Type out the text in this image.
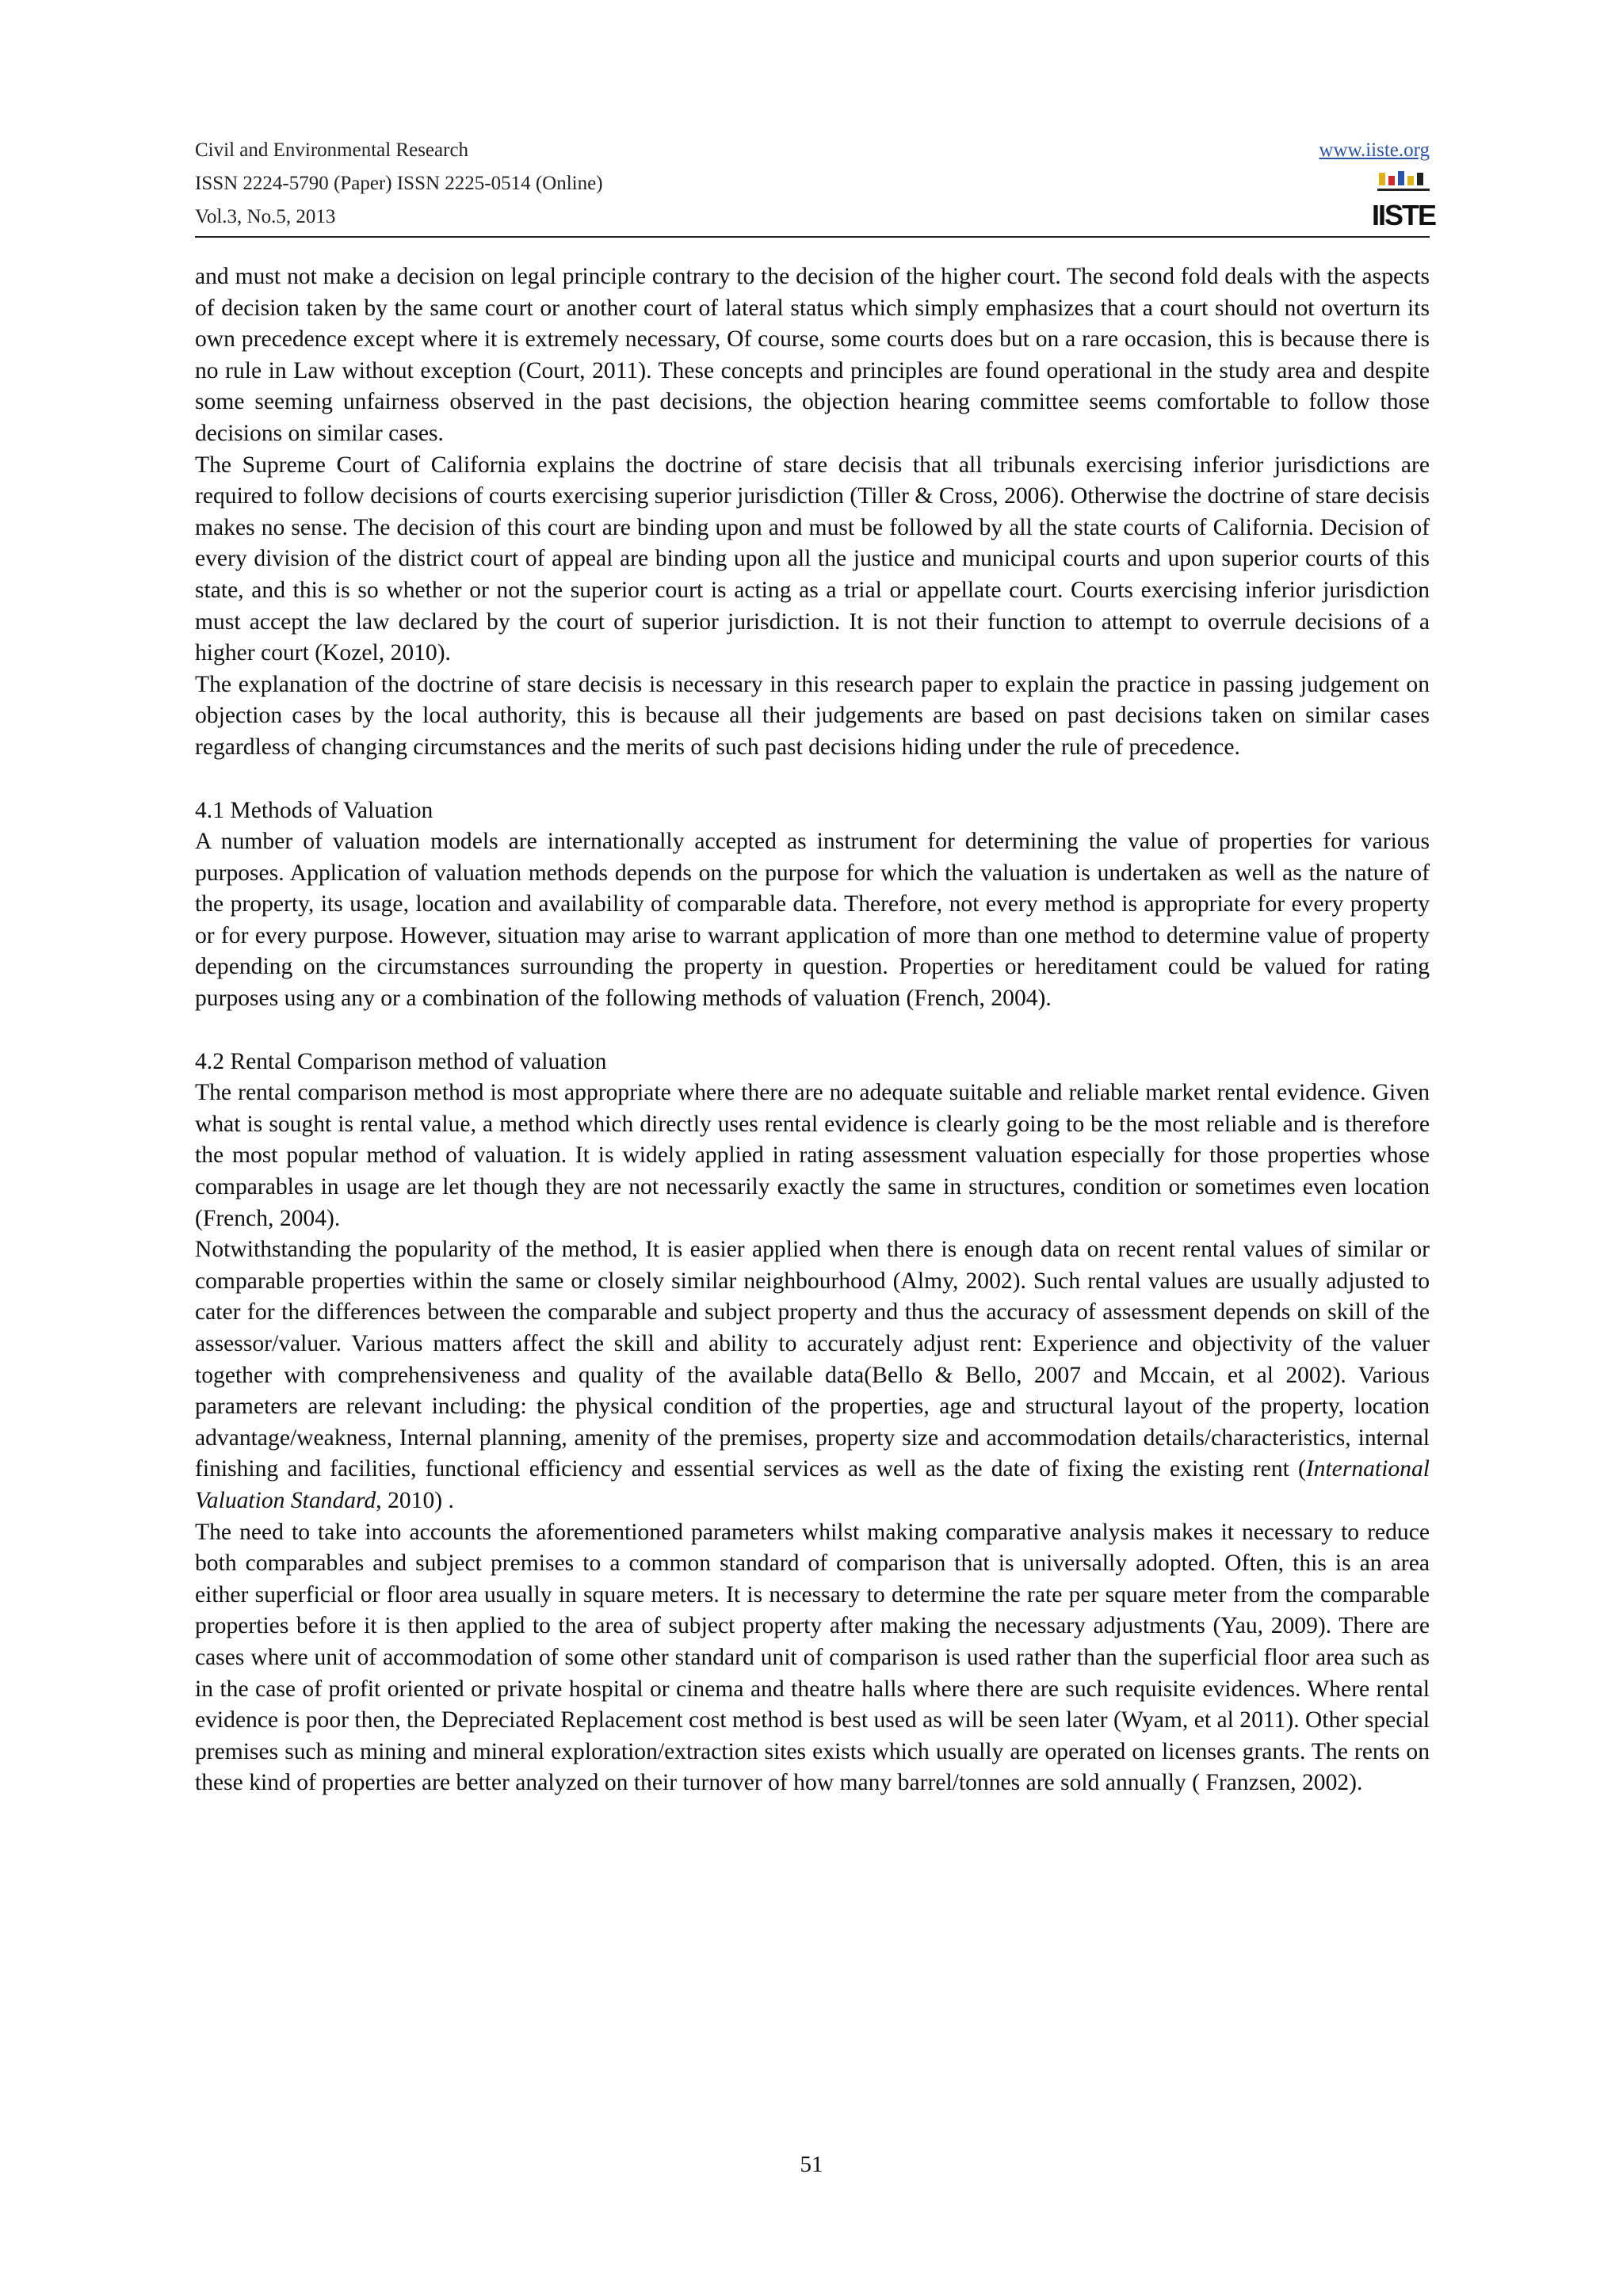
Civil and Environmental Research
ISSN 2224-5790 (Paper) ISSN 2225-0514 (Online)
Vol.3, No.5, 2013
www.iiste.org
IISTE

and must not make a decision on legal principle contrary to the decision of the higher court. The second fold deals with the aspects of decision taken by the same court or another court of lateral status which simply emphasizes that a court should not overturn its own precedence except where it is extremely necessary, Of course, some courts does but on a rare occasion, this is because there is no rule in Law without exception (Court, 2011). These concepts and principles are found operational in the study area and despite some seeming unfairness observed in the past decisions, the objection hearing committee seems comfortable to follow those decisions on similar cases.

The Supreme Court of California explains the doctrine of stare decisis that all tribunals exercising inferior jurisdictions are required to follow decisions of courts exercising superior jurisdiction (Tiller & Cross, 2006). Otherwise the doctrine of stare decisis makes no sense. The decision of this court are binding upon and must be followed by all the state courts of California. Decision of every division of the district court of appeal are binding upon all the justice and municipal courts and upon superior courts of this state, and this is so whether or not the superior court is acting as a trial or appellate court. Courts exercising inferior jurisdiction must accept the law declared by the court of superior jurisdiction. It is not their function to attempt to overrule decisions of a higher court (Kozel, 2010).

The explanation of the doctrine of stare decisis is necessary in this research paper to explain the practice in passing judgement on objection cases by the local authority, this is because all their judgements are based on past decisions taken on similar cases regardless of changing circumstances and the merits of such past decisions hiding under the rule of precedence.

4.1 Methods of Valuation

A number of valuation models are internationally accepted as instrument for determining the value of properties for various purposes. Application of valuation methods depends on the purpose for which the valuation is undertaken as well as the nature of the property, its usage, location and availability of comparable data. Therefore, not every method is appropriate for every property or for every purpose. However, situation may arise to warrant application of more than one method to determine value of property depending on the circumstances surrounding the property in question. Properties or hereditament could be valued for rating purposes using any or a combination of the following methods of valuation (French, 2004).

4.2 Rental Comparison method of valuation

The rental comparison method is most appropriate where there are no adequate suitable and reliable market rental evidence. Given what is sought is rental value, a method which directly uses rental evidence is clearly going to be the most reliable and is therefore the most popular method of valuation. It is widely applied in rating assessment valuation especially for those properties whose comparables in usage are let though they are not necessarily exactly the same in structures, condition or sometimes even location (French, 2004).

Notwithstanding the popularity of the method, It is easier applied when there is enough data on recent rental values of similar or comparable properties within the same or closely similar neighbourhood (Almy, 2002). Such rental values are usually adjusted to cater for the differences between the comparable and subject property and thus the accuracy of assessment depends on skill of the assessor/valuer. Various matters affect the skill and ability to accurately adjust rent: Experience and objectivity of the valuer together with comprehensiveness and quality of the available data(Bello & Bello, 2007 and Mccain, et al 2002). Various parameters are relevant including: the physical condition of the properties, age and structural layout of the property, location advantage/weakness, Internal planning, amenity of the premises, property size and accommodation details/characteristics, internal finishing and facilities, functional efficiency and essential services as well as the date of fixing the existing rent (International Valuation Standard, 2010) .

The need to take into accounts the aforementioned parameters whilst making comparative analysis makes it necessary to reduce both comparables and subject premises to a common standard of comparison that is universally adopted. Often, this is an area either superficial or floor area usually in square meters. It is necessary to determine the rate per square meter from the comparable properties before it is then applied to the area of subject property after making the necessary adjustments (Yau, 2009). There are cases where unit of accommodation of some other standard unit of comparison is used rather than the superficial floor area such as in the case of profit oriented or private hospital or cinema and theatre halls where there are such requisite evidences. Where rental evidence is poor then, the Depreciated Replacement cost method is best used as will be seen later (Wyam, et al 2011). Other special premises such as mining and mineral exploration/extraction sites exists which usually are operated on licenses grants. The rents on these kind of properties are better analyzed on their turnover of how many barrel/tonnes are sold annually ( Franzsen, 2002).

51
